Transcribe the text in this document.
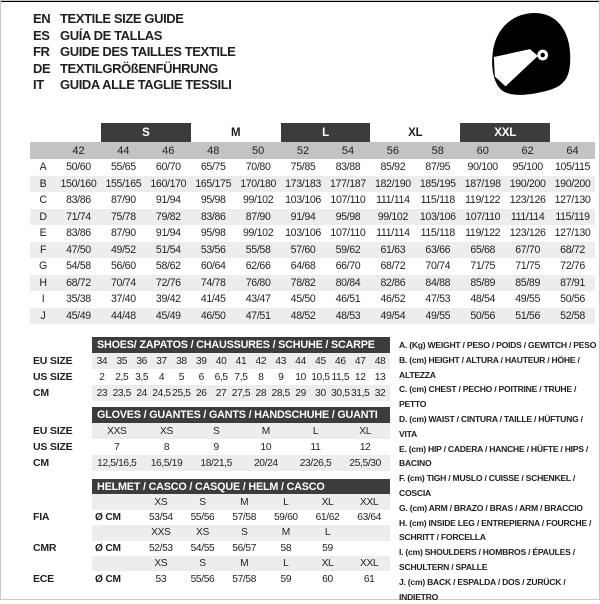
EN TEXTILE SIZE GUIDE
ES GUÍA DE TALLAS
FR GUIDE DES TAILLES TEXTILE
DE TEXTILGRÖßENFÜHRUNG
IT	GUIDA ALLE TAGLIE TESSILI
S	M	L	XL	XXL
42	44	46	48	50	52	54	56	58	60	62	64
A	50/60	55/65	60/70	65/75	70/80	75/85	83/88	85/92	87/95	90/100	95/100	105/115
B	150/160 155/165 160/170 165/175 170/180 173/183 177/187 182/190 185/195 187/198 190/200 190/200
C	83/86	87/90	91/94	95/98	99/102	103/106 107/110	111/114	115/118 119/122 123/126 127/130
D	71/74	75/78	79/82	83/86	87/90	91/94	95/98	99/102	103/106 107/110	111/114	115/119
E	83/86	87/90	91/94	95/98	99/102	103/106 107/110	111/114	115/118 119/122 123/126 127/130
F	47/50	49/52	51/54	53/56	55/58	57/60	59/62	61/63	63/66	65/68	67/70	68/72
G	54/58	56/60	58/62	60/64	62/66	64/68	66/70	68/72	70/74	71/75	71/75	72/76
H	68/72	70/74	72/76	74/78	76/80	78/82	80/84	82/86	84/88	85/89	85/89	87/91
I	35/38	37/40	39/42	41/45	43/47	45/50	46/51	46/52	47/53	48/54	49/55	50/56
J	45/49	44/48	45/49	46/50	47/51	48/52	48/53	49/54	49/55	50/56	51/56	52/58
SHOES/ ZAPATOS / CHAUSSURES / SCHUHE / SCARPE
EU SIZE	34 35 36 37 38 39 40 41 42 43 44 45 46 47 48
US SIZE	2	2,5 3,5	4	5	6	6,5 7,5	8	9	10 10,5 11,5 12 13
CM	23 23,5 24 24,5 25,5 26 27 27,5 28 28,5 29 30 30,5 31,5 32
GLOVES / GUANTES / GANTS / HANDSCHUHE / GUANTI
EU SIZE	XXS	XS	S	M	L	XL
US SIZE	7	8	9	10	11	12
CM	12,5/16,5	16,5/19	18/21,5	20/24	23/26,5	25,5/30
HELMET / CASCO / CASQUE / HELM / CASCO
XS	S	M	L	XL	XXL
FIA	Ø CM	53/54	55/56	57/58	59/60	61/62	63/64
XXS	XS	S	M	L
CMR	Ø CM	52/53	54/55	56/57	58	59
XS	S	M	L	XL	XXL
ECE	Ø CM	53	55/56	57/58	59	60	61
A. (Kg) WEIGHT / PESO / POIDS / GEWITCH / PESO
B. (cm) HEIGHT / ALTURA / HAUTEUR / HÖHE / ALTEZZA
C. (cm) CHEST / PECHO / POITRINE / TRUHE / PETTO
D. (cm) WAIST / CINTURA / TAILLE / HÜFTUNG / VITA
E. (cm) HIP / CADERA / HANCHE / HÜFTE / HIPS / BACINO
F. (cm) TIGH / MUSLO / CUISSE / SCHENKEL / COSCIA
G. (cm) ARM / BRAZO / BRAS / ARM / BRACCIO
H. (cm) INSIDE LEG / ENTREPIERNA / FOURCHE / SCHRITT / FORCELLA
I. (cm) SHOULDERS / HOMBROS / ÉPAULES / SCHULTERN / SPALLE
J. (cm) BACK / ESPALDA / DOS / ZURÜCK / INDIETRO
